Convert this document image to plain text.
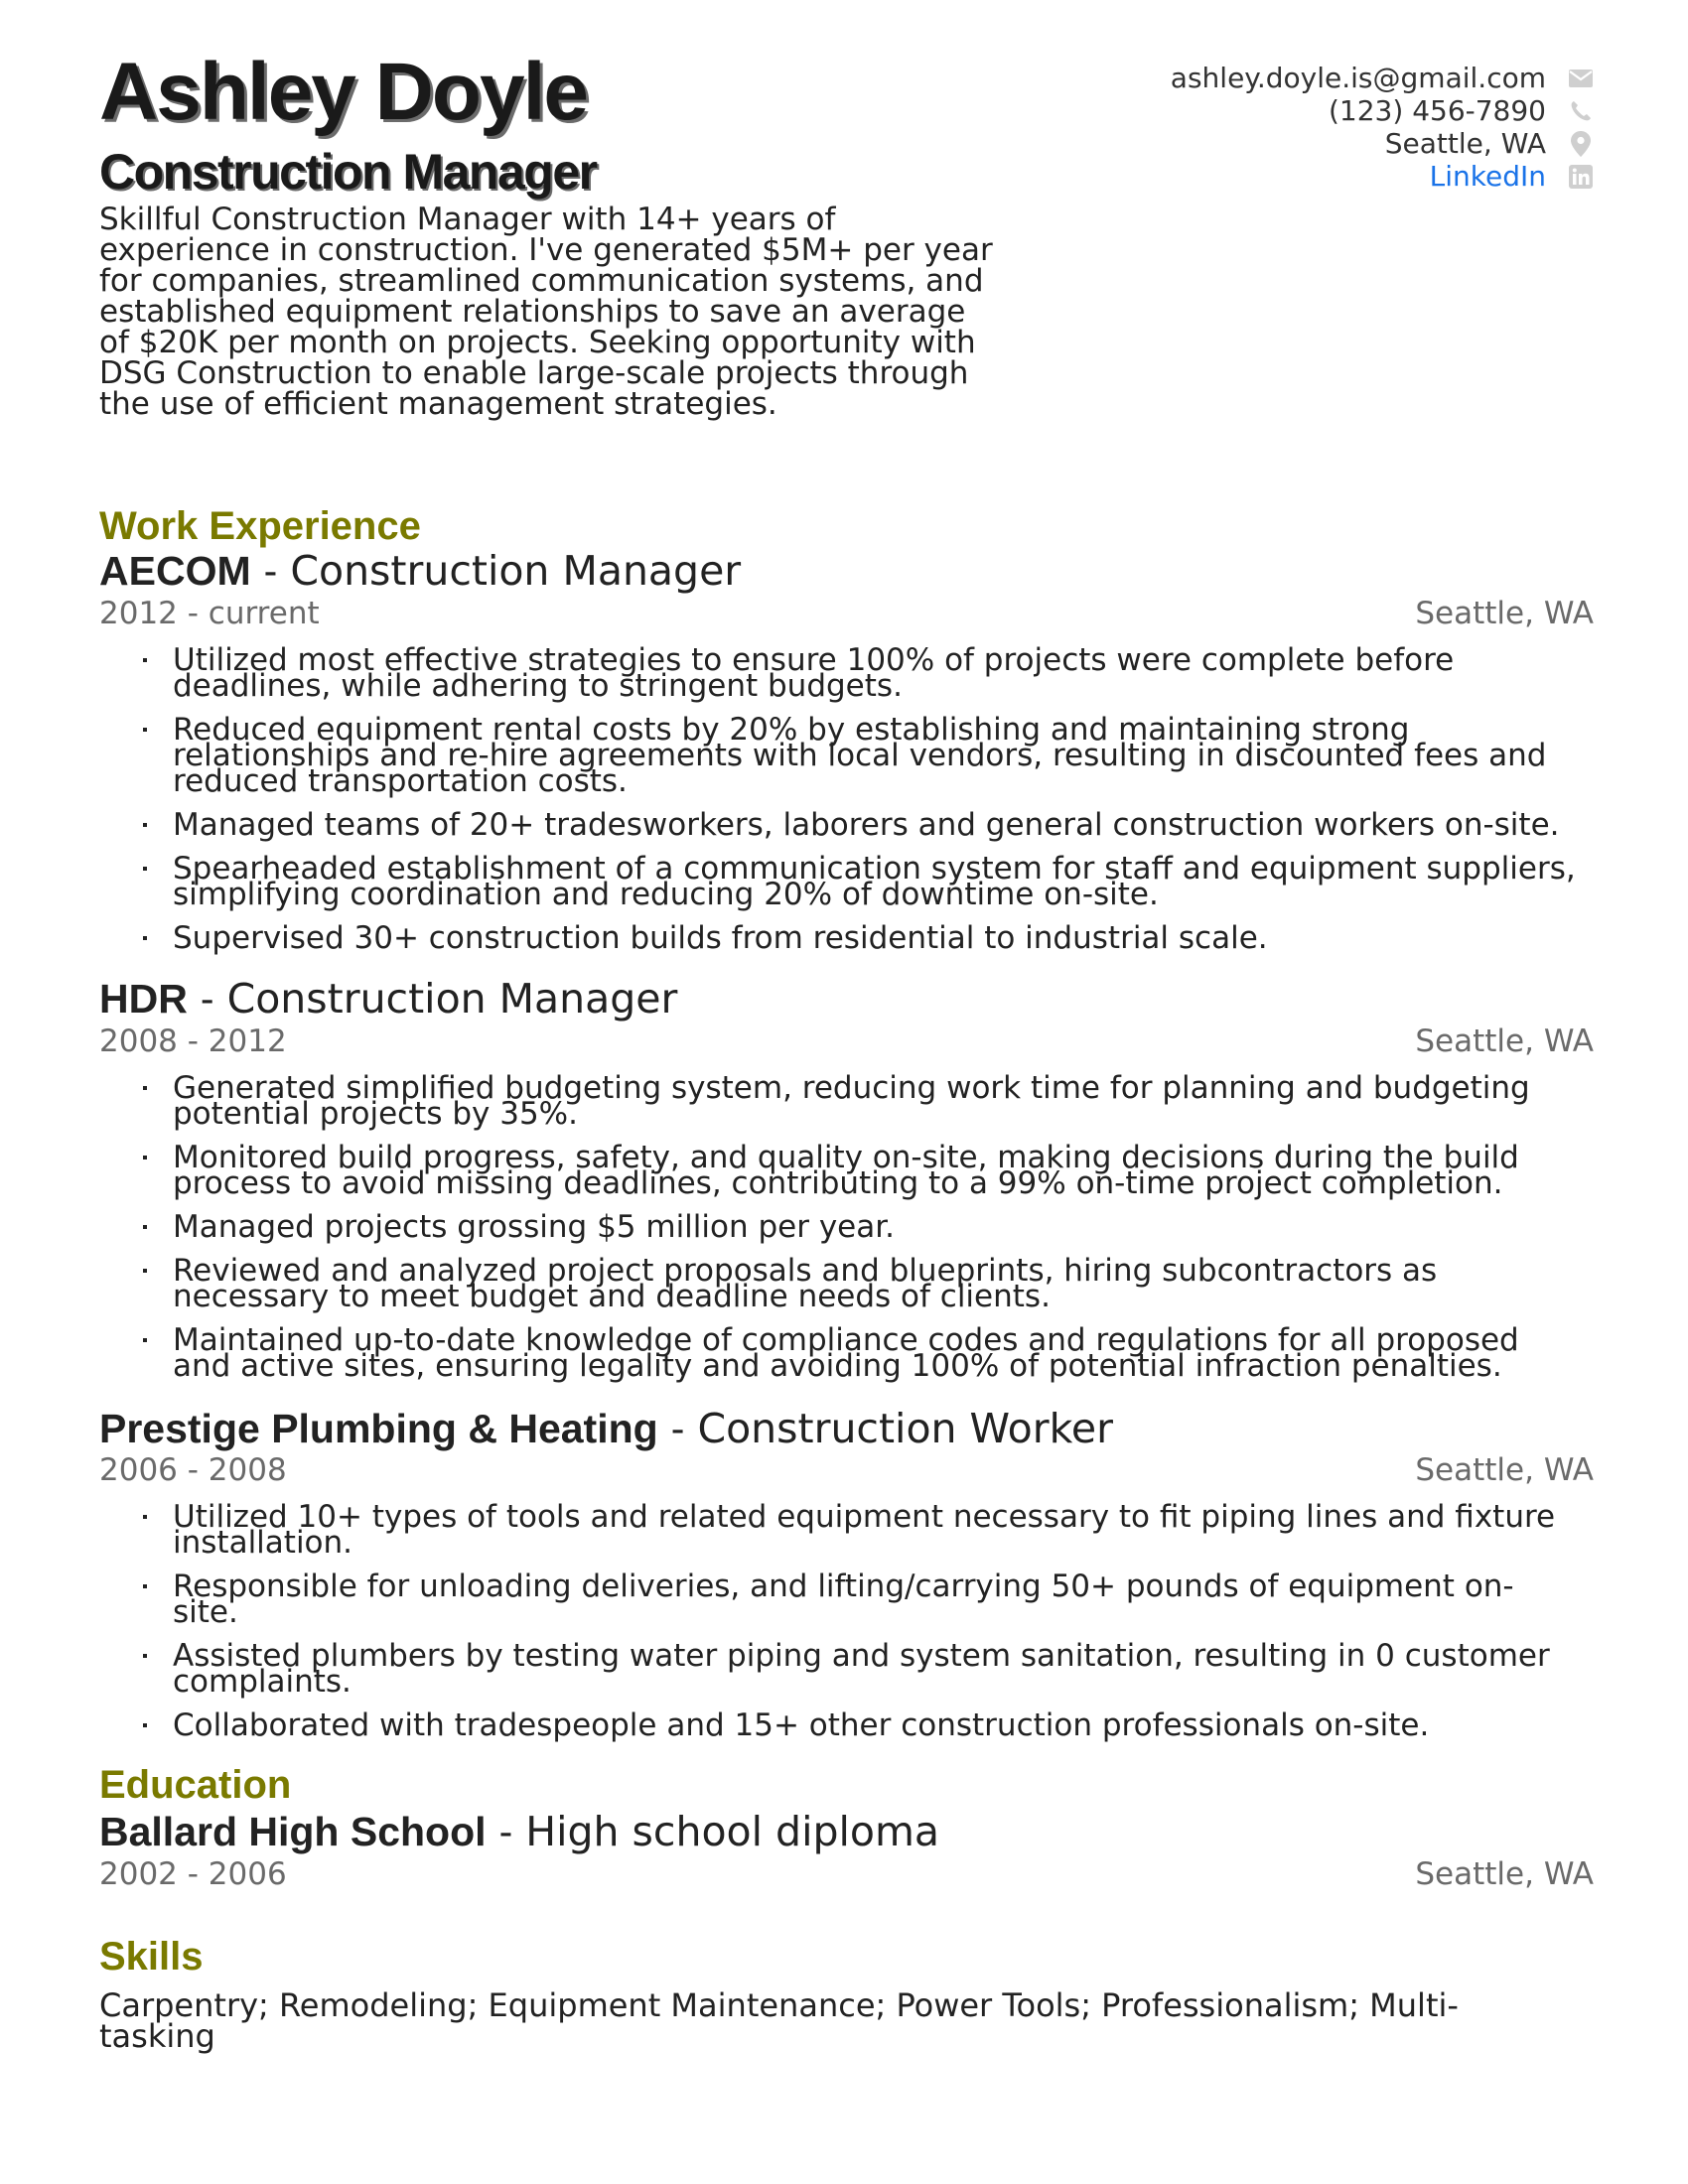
Ashley Doyle
Construction Manager

Skillful Construction Manager with 14+ years of experience in construction. I've generated $5M+ per year for companies, streamlined communication systems, and established equipment relationships to save an average of $20K per month on projects. Seeking opportunity with DSG Construction to enable large-scale projects through the use of efficient management strategies.

ashley.doyle.is@gmail.com
(123) 456-7890
Seattle, WA
LinkedIn
Work Experience
AECOM - Construction Manager
2012 - current	Seattle, WA
Utilized most effective strategies to ensure 100% of projects were complete before deadlines, while adhering to stringent budgets.
Reduced equipment rental costs by 20% by establishing and maintaining strong relationships and re-hire agreements with local vendors, resulting in discounted fees and reduced transportation costs.
Managed teams of 20+ tradesworkers, laborers and general construction workers on-site.
Spearheaded establishment of a communication system for staff and equipment suppliers, simplifying coordination and reducing 20% of downtime on-site.
Supervised 30+ construction builds from residential to industrial scale.
HDR - Construction Manager
2008 - 2012	Seattle, WA
Generated simplified budgeting system, reducing work time for planning and budgeting potential projects by 35%.
Monitored build progress, safety, and quality on-site, making decisions during the build process to avoid missing deadlines, contributing to a 99% on-time project completion.
Managed projects grossing $5 million per year.
Reviewed and analyzed project proposals and blueprints, hiring subcontractors as necessary to meet budget and deadline needs of clients.
Maintained up-to-date knowledge of compliance codes and regulations for all proposed and active sites, ensuring legality and avoiding 100% of potential infraction penalties.
Prestige Plumbing & Heating - Construction Worker
2006 - 2008	Seattle, WA
Utilized 10+ types of tools and related equipment necessary to fit piping lines and fixture installation.
Responsible for unloading deliveries, and lifting/carrying 50+ pounds of equipment on-site.
Assisted plumbers by testing water piping and system sanitation, resulting in 0 customer complaints.
Collaborated with tradespeople and 15+ other construction professionals on-site.
Education
Ballard High School - High school diploma
2002 - 2006	Seattle, WA
Skills

Carpentry; Remodeling; Equipment Maintenance; Power Tools; Professionalism; Multi-tasking
